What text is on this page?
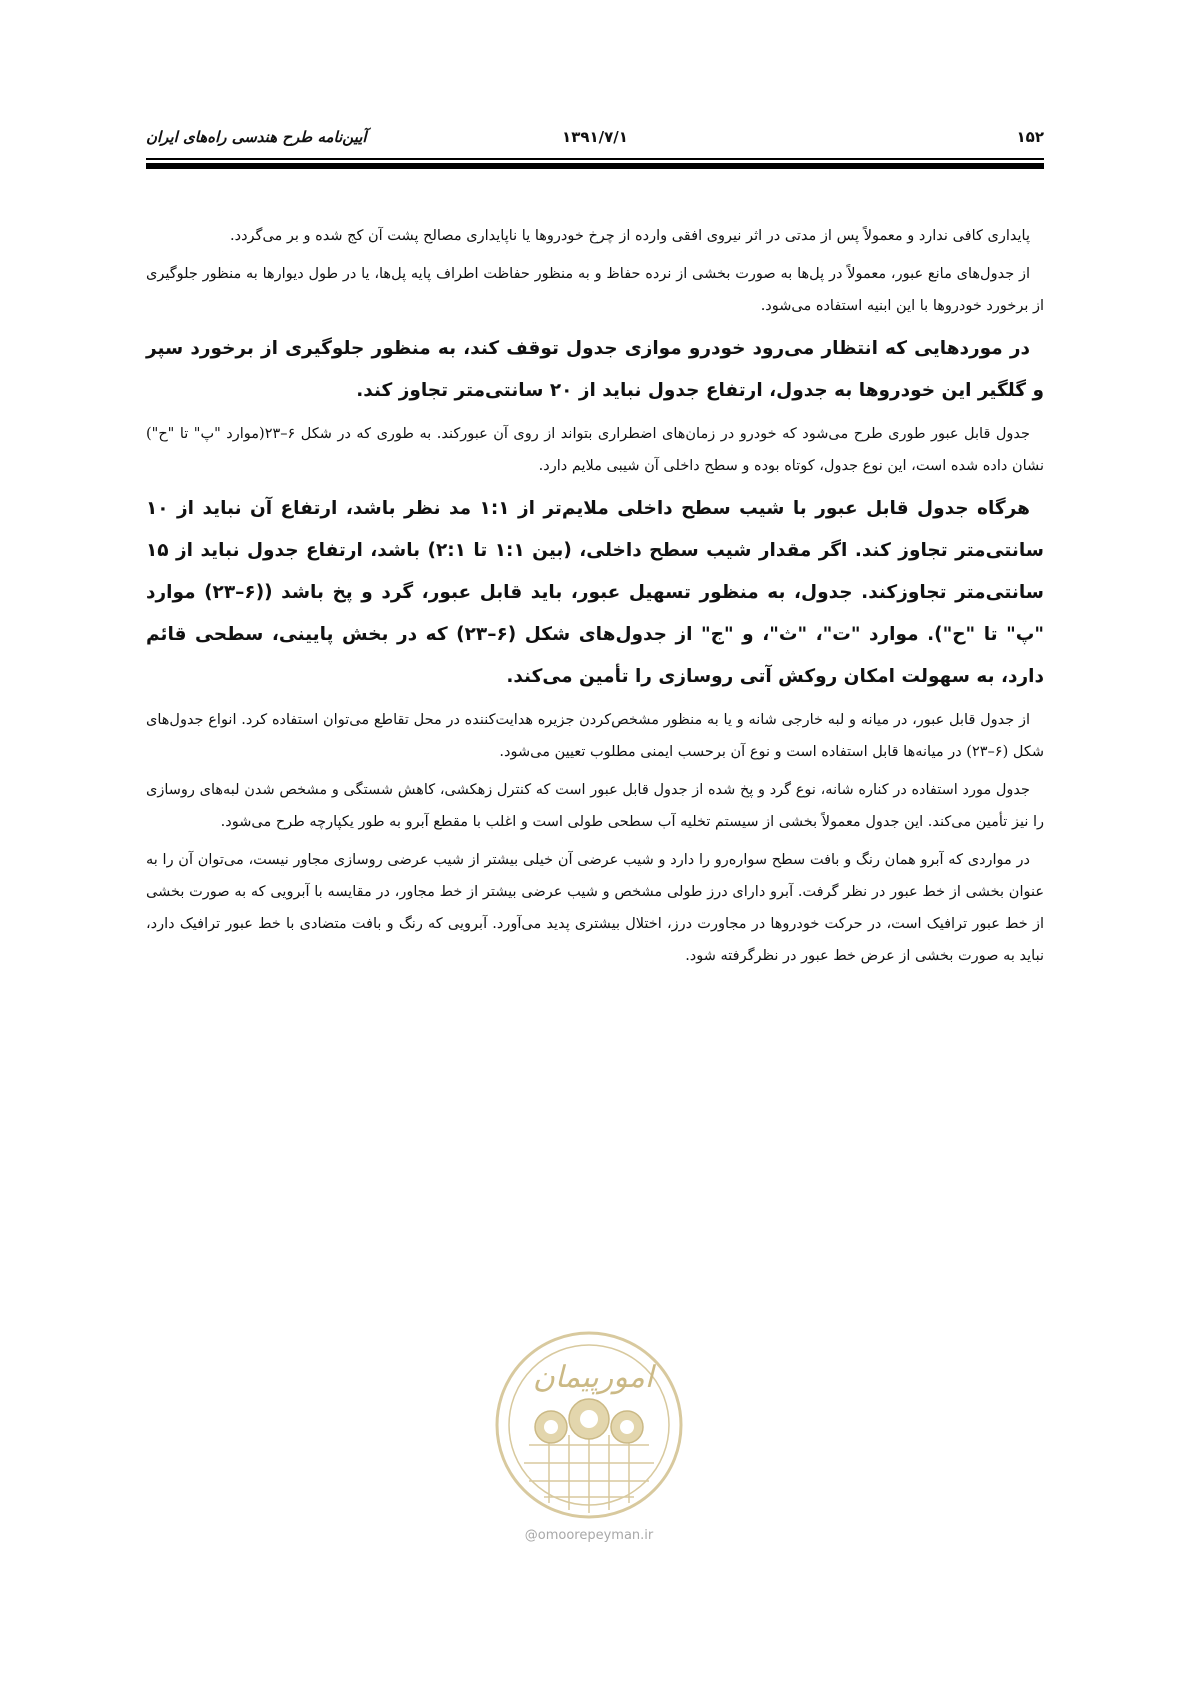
۱۵۲
۱۳۹۱/۷/۱
آیین‌نامه طرح هندسی راه‌های ایران

پایداری کافی ندارد و معمولاً پس از مدتی در اثر نیروی افقی وارده از چرخ خودروها یا ناپایداری مصالح پشت آن کج شده و بر می‌گردد.

از جدول‌های مانع عبور، معمولاً در پل‌ها به صورت بخشی از نرده حفاظ و به منظور حفاظت اطراف پایه پل‌ها، یا در طول دیوارها به منظور جلوگیری از برخورد خودروها با این ابنیه استفاده می‌شود.

در موردهایی که انتظار می‌رود خودرو موازی جدول توقف کند، به منظور جلوگیری از برخورد سپر و گلگیر این خودروها به جدول، ارتفاع جدول نباید از ۲۰ سانتی‌متر تجاوز کند.

جدول قابل عبور طوری طرح می‌شود که خودرو در زمان‌های اضطراری بتواند از روی آن عبورکند. به طوری که در شکل ۶–۲۳(موارد "پ" تا "ح") نشان داده شده است، این نوع جدول، کوتاه بوده و سطح داخلی آن شیبی ملایم دارد.

هرگاه جدول قابل عبور با شیب سطح داخلی ملایم‌تر از ۱:۱ مد نظر باشد، ارتفاع آن نباید از ۱۰ سانتی‌متر تجاوز کند. اگر مقدار شیب سطح داخلی، (بین ۱:۱ تا ۲:۱) باشد، ارتفاع جدول نباید از ۱۵ سانتی‌متر تجاوزکند. جدول، به منظور تسهیل عبور، باید قابل عبور، گرد و پخ باشد ((۶–۲۳) موارد "پ" تا "ح"). موارد "ت"، "ث"، و "ج" از جدول‌های شکل (۶–۲۳) که در بخش پایینی، سطحی قائم دارد، به سهولت امکان روکش آتی روسازی را تأمین می‌کند.

از جدول قابل عبور، در میانه و لبه خارجی شانه و یا به منظور مشخص‌کردن جزیره هدایت‌کننده در محل تقاطع می‌توان استفاده کرد. انواع جدول‌های شکل (۶–۲۳) در میانه‌ها قابل استفاده است و نوع آن برحسب ایمنی مطلوب تعیین می‌شود.

جدول مورد استفاده در کناره شانه، نوع گرد و پخ شده از جدول قابل عبور است که کنترل زهکشی، کاهش شستگی و مشخص شدن لبه‌های روسازی را نیز تأمین می‌کند. این جدول معمولاً بخشی از سیستم تخلیه آب سطحی طولی است و اغلب با مقطع آبرو به طور یکپارچه طرح می‌شود.

در مواردی که آبرو همان رنگ و بافت سطح سواره‌رو را دارد و شیب عرضی آن خیلی بیشتر از شیب عرضی روسازی مجاور نیست، می‌توان آن را به عنوان بخشی از خط عبور در نظر گرفت. آبرو دارای درز طولی مشخص و شیب عرضی بیشتر از خط مجاور، در مقایسه با آبرویی که به صورت بخشی از خط عبور ترافیک است، در حرکت خودروها در مجاورت درز، اختلال بیشتری پدید می‌آورد. آبرویی که رنگ و بافت متضادی با خط عبور ترافیک دارد، نباید به صورت بخشی از عرض خط عبور در نظرگرفته شود.

امورپیمان
@omoorepeyman.ir
